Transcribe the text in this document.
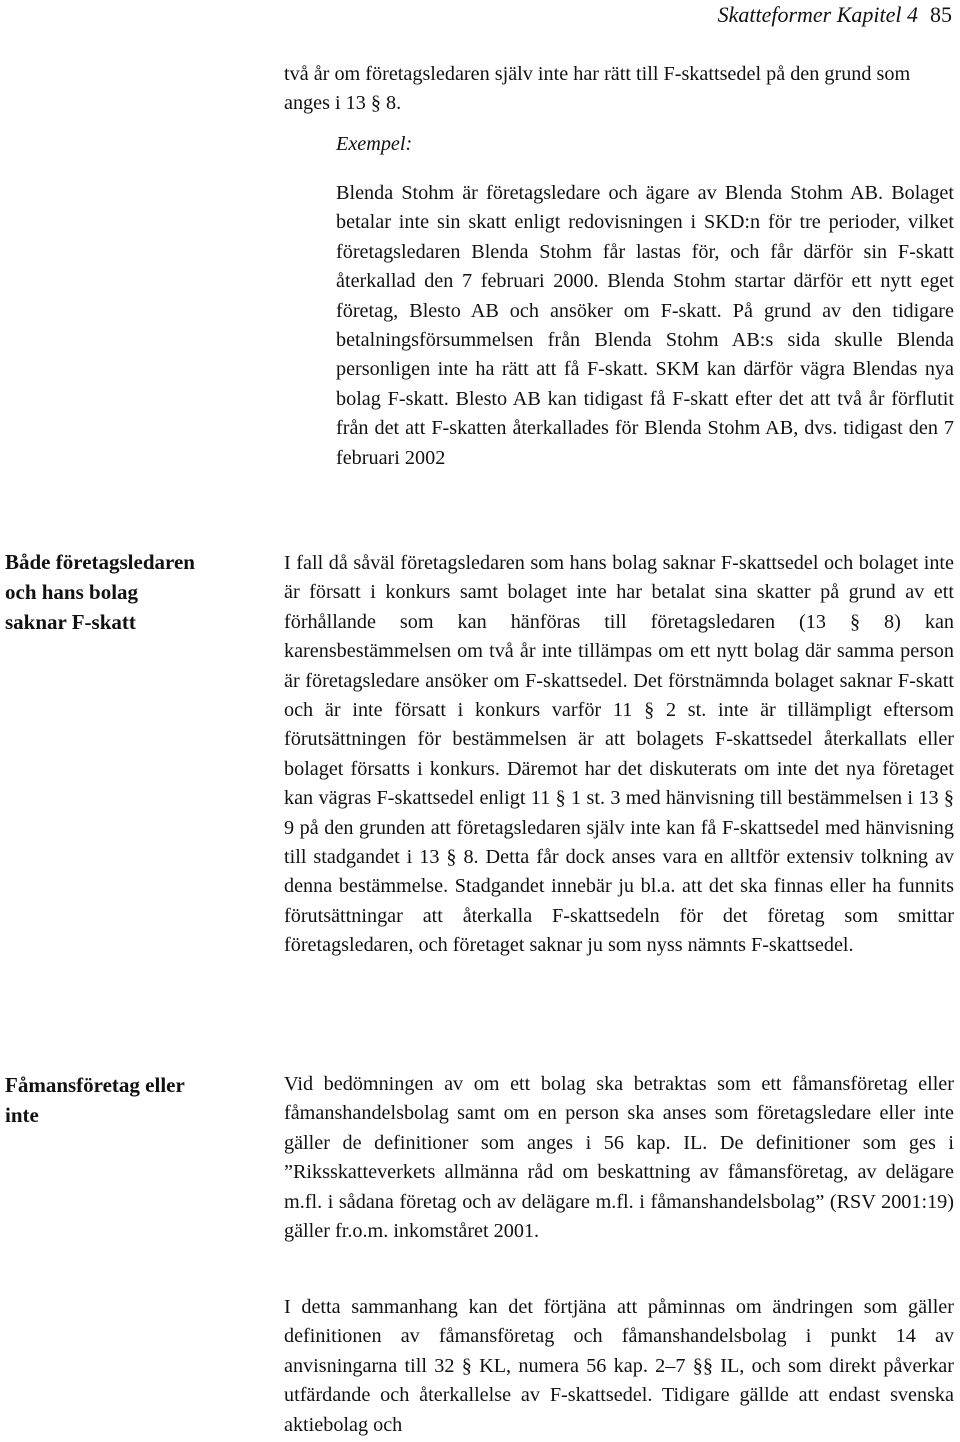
Skatteformer Kapitel 4 85

två år om företagsledaren själv inte har rätt till F-skattsedel på den grund som anges i 13 § 8.

Exempel:

Blenda Stohm är företagsledare och ägare av Blenda Stohm AB. Bolaget betalar inte sin skatt enligt redovisningen i SKD:n för tre perioder, vilket företagsledaren Blenda Stohm får lastas för, och får därför sin F-skatt återkallad den 7 februari 2000. Blenda Stohm startar därför ett nytt eget företag, Blesto AB och ansöker om F-skatt. På grund av den tidigare betalningsförsummelsen från Blenda Stohm AB:s sida skulle Blenda personligen inte ha rätt att få F-skatt. SKM kan därför vägra Blendas nya bolag F-skatt. Blesto AB kan tidigast få F-skatt efter det att två år förflutit från det att F-skatten återkallades för Blenda Stohm AB, dvs. tidigast den 7 februari 2002

Både företagsledaren och hans bolag saknar F-skatt
Fåmansföretag eller inte

I fall då såväl företagsledaren som hans bolag saknar F-skattsedel och bolaget inte är försatt i konkurs samt bolaget inte har betalat sina skatter på grund av ett förhållande som kan hänföras till företagsledaren (13 § 8) kan karensbestämmelsen om två år inte tillämpas om ett nytt bolag där samma person är företagsledare ansöker om F-skattsedel. Det förstnämnda bolaget saknar F-skatt och är inte försatt i konkurs varför 11 § 2 st. inte är tillämpligt eftersom förutsättningen för bestämmelsen är att bolagets F-skattsedel återkallats eller bolaget försatts i konkurs. Däremot har det diskuterats om inte det nya företaget kan vägras F-skattsedel enligt 11 § 1 st. 3 med hänvisning till bestämmelsen i 13 § 9 på den grunden att företagsledaren själv inte kan få F-skattsedel med hänvisning till stadgandet i 13 § 8. Detta får dock anses vara en alltför extensiv tolkning av denna bestämmelse. Stadgandet innebär ju bl.a. att det ska finnas eller ha funnits förutsättningar att återkalla F-skattsedeln för det företag som smittar företagsledaren, och företaget saknar ju som nyss nämnts F-skattsedel.

Vid bedömningen av om ett bolag ska betraktas som ett fåmansföretag eller fåmanshandelsbolag samt om en person ska anses som företagsledare eller inte gäller de definitioner som anges i 56 kap. IL. De definitioner som ges i ”Riksskatteverkets allmänna råd om beskattning av fåmansföretag, av delägare m.fl. i sådana företag och av delägare m.fl. i fåmanshandelsbolag” (RSV 2001:19) gäller fr.o.m. inkomståret 2001.

I detta sammanhang kan det förtjäna att påminnas om ändringen som gäller definitionen av fåmansföretag och fåmanshandelsbolag i punkt 14 av anvisningarna till 32 § KL, numera 56 kap. 2–7 §§ IL, och som direkt påverkar utfärdande och återkallelse av F-skattsedel. Tidigare gällde att endast svenska aktiebolag och
